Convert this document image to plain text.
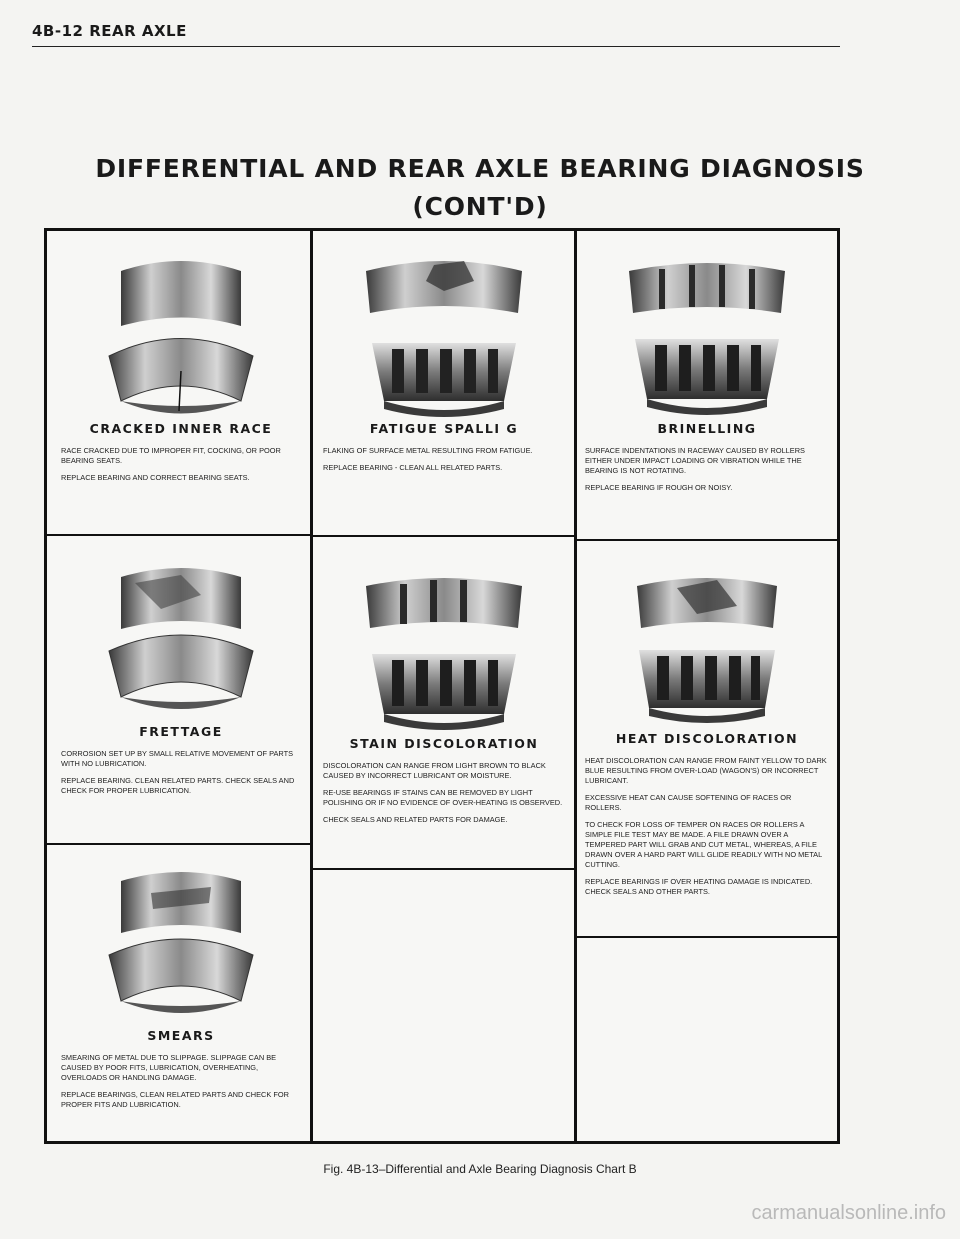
4B-12 REAR AXLE
DIFFERENTIAL AND REAR AXLE BEARING DIAGNOSIS
(CONT'D)
CRACKED INNER RACE
RACE CRACKED DUE TO IMPROPER FIT, COCKING, OR POOR BEARING SEATS.
REPLACE BEARING AND CORRECT BEARING SEATS.
FATIGUE SPALLI G
FLAKING OF SURFACE METAL RESULTING FROM FATIGUE.
REPLACE BEARING - CLEAN ALL RELATED PARTS.
BRINELLING
SURFACE INDENTATIONS IN RACEWAY CAUSED BY ROLLERS EITHER UNDER IMPACT LOADING OR VIBRATION WHILE THE BEARING IS NOT ROTATING.
REPLACE BEARING IF ROUGH OR NOISY.
FRETTAGE
CORROSION SET UP BY SMALL RELATIVE MOVEMENT OF PARTS WITH NO LUBRICATION.
REPLACE BEARING. CLEAN RELATED PARTS. CHECK SEALS AND CHECK FOR PROPER LUBRICATION.
STAIN DISCOLORATION
DISCOLORATION CAN RANGE FROM LIGHT BROWN TO BLACK CAUSED BY INCORRECT LUBRICANT OR MOISTURE.
RE-USE BEARINGS IF STAINS CAN BE REMOVED BY LIGHT POLISHING OR IF NO EVIDENCE OF OVER-HEATING IS OBSERVED.
CHECK SEALS AND RELATED PARTS FOR DAMAGE.
HEAT DISCOLORATION
HEAT DISCOLORATION CAN RANGE FROM FAINT YELLOW TO DARK BLUE RESULTING FROM OVER-LOAD (WAGON'S) OR INCORRECT LUBRICANT.
EXCESSIVE HEAT CAN CAUSE SOFTENING OF RACES OR ROLLERS.
TO CHECK FOR LOSS OF TEMPER ON RACES OR ROLLERS A SIMPLE FILE TEST MAY BE MADE. A FILE DRAWN OVER A TEMPERED PART WILL GRAB AND CUT METAL, WHEREAS, A FILE DRAWN OVER A HARD PART WILL GLIDE READILY WITH NO METAL CUTTING.
REPLACE BEARINGS IF OVER HEATING DAMAGE IS INDICATED. CHECK SEALS AND OTHER PARTS.
SMEARS
SMEARING OF METAL DUE TO SLIPPAGE. SLIPPAGE CAN BE CAUSED BY POOR FITS, LUBRICATION, OVERHEATING, OVERLOADS OR HANDLING DAMAGE.
REPLACE BEARINGS, CLEAN RELATED PARTS AND CHECK FOR PROPER FITS AND LUBRICATION.
Fig. 4B-13–Differential and Axle Bearing Diagnosis Chart B
carmanualsonline.info
